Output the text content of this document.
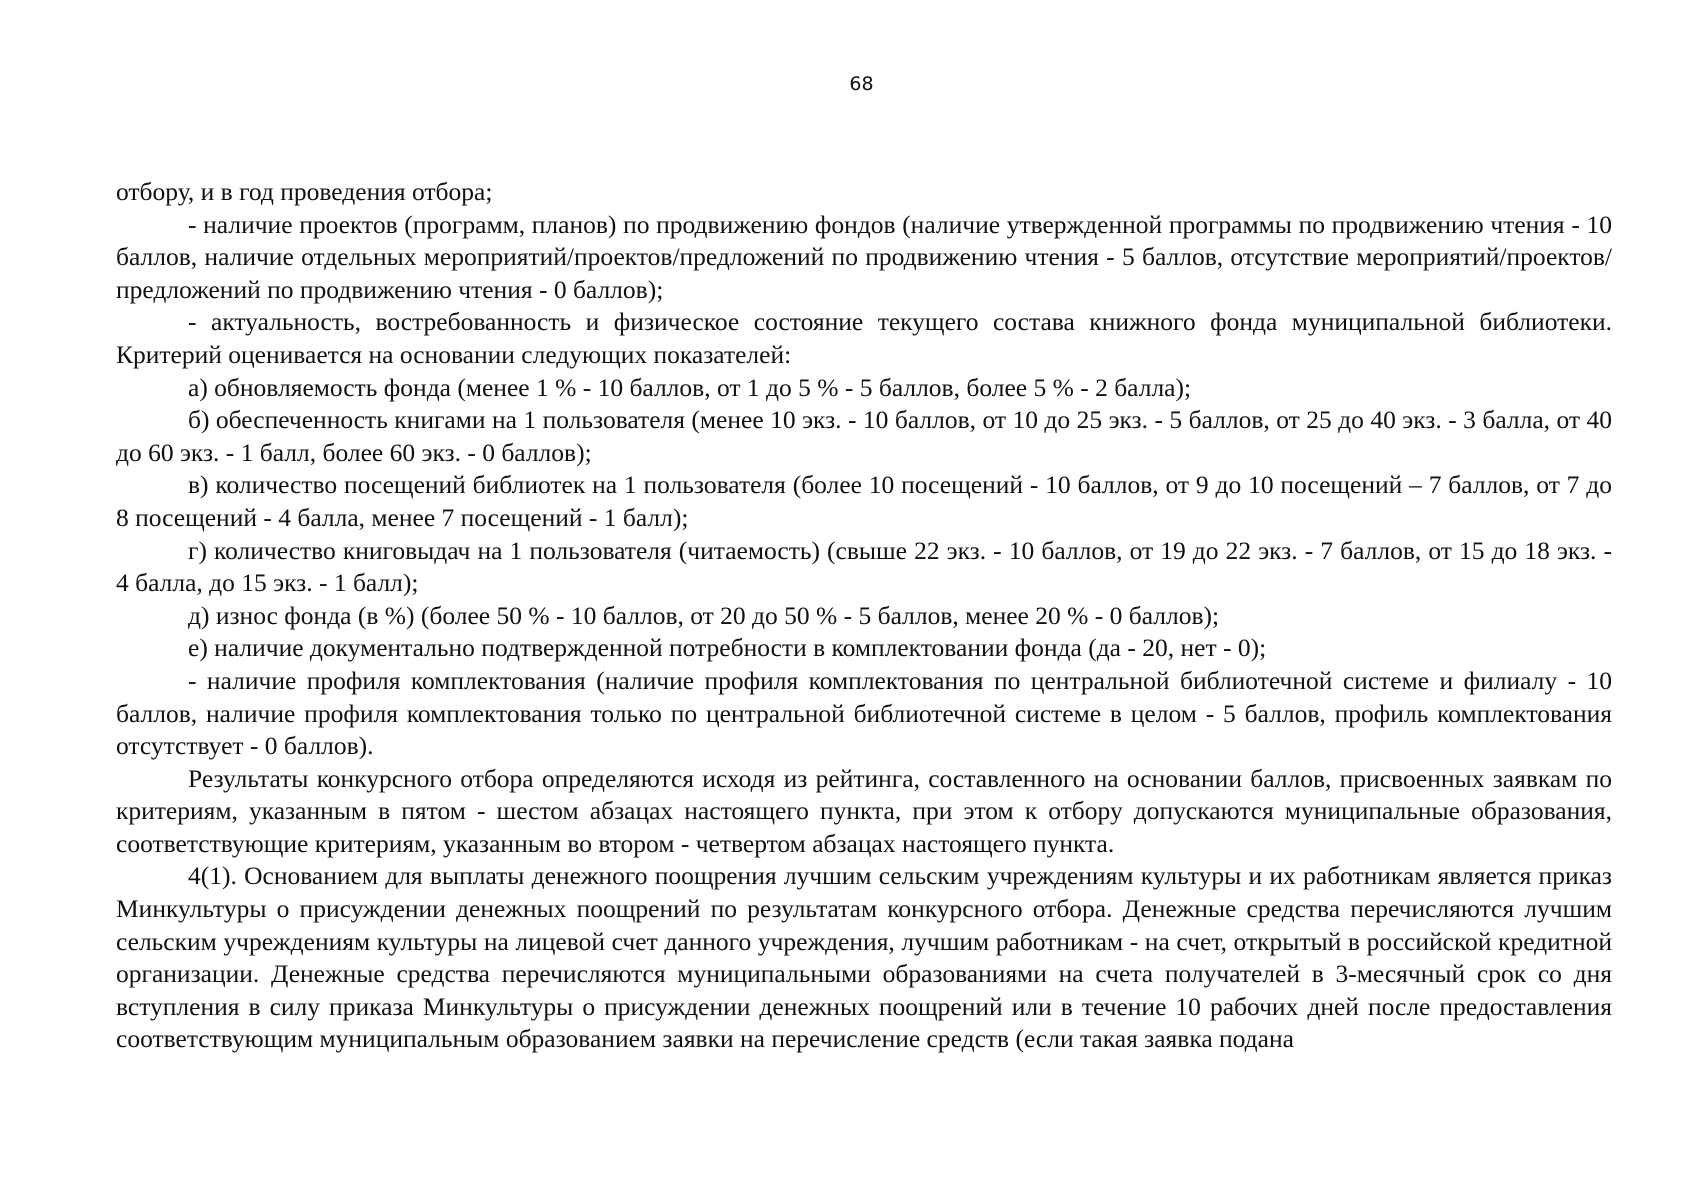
68

отбору, и в год проведения отбора;

- наличие проектов (программ, планов) по продвижению фондов (наличие утвержденной программы по продвижению чтения - 10 баллов, наличие отдельных мероприятий/проектов/предложений по продвижению чтения - 5 баллов, отсутствие мероприятий/проектов/предложений по продвижению чтения - 0 баллов);

- актуальность, востребованность и физическое состояние текущего состава книжного фонда муниципальной библиотеки. Критерий оценивается на основании следующих показателей:

а) обновляемость фонда (менее 1 % - 10 баллов, от 1 до 5 % - 5 баллов, более 5 % - 2 балла);

б) обеспеченность книгами на 1 пользователя (менее 10 экз. - 10 баллов, от 10 до 25 экз. - 5 баллов, от 25 до 40 экз. - 3 балла, от 40 до 60 экз. - 1 балл, более 60 экз. - 0 баллов);

в) количество посещений библиотек на 1 пользователя (более 10 посещений - 10 баллов, от 9 до 10 посещений – 7 баллов, от 7 до 8 посещений - 4 балла, менее 7 посещений - 1 балл);

г) количество книговыдач на 1 пользователя (читаемость) (свыше 22 экз. - 10 баллов, от 19 до 22 экз. - 7 баллов, от 15 до 18 экз. - 4 балла, до 15 экз. - 1 балл);

д) износ фонда (в %) (более 50 % - 10 баллов, от 20 до 50 % - 5 баллов, менее 20 % - 0 баллов);

е) наличие документально подтвержденной потребности в комплектовании фонда (да - 20, нет - 0);

- наличие профиля комплектования (наличие профиля комплектования по центральной библиотечной системе и филиалу - 10 баллов, наличие профиля комплектования только по центральной библиотечной системе в целом - 5 баллов, профиль комплектования отсутствует - 0 баллов).

Результаты конкурсного отбора определяются исходя из рейтинга, составленного на основании баллов, присвоенных заявкам по критериям, указанным в пятом - шестом абзацах настоящего пункта, при этом к отбору допускаются муниципальные образования, соответствующие критериям, указанным во втором - четвертом абзацах настоящего пункта.

4(1). Основанием для выплаты денежного поощрения лучшим сельским учреждениям культуры и их работникам является приказ Минкультуры о присуждении денежных поощрений по результатам конкурсного отбора. Денежные средства перечисляются лучшим сельским учреждениям культуры на лицевой счет данного учреждения, лучшим работникам - на счет, открытый в российской кредитной организации. Денежные средства перечисляются муниципальными образованиями на счета получателей в 3-месячный срок со дня вступления в силу приказа Минкультуры о присуждении денежных поощрений или в течение 10 рабочих дней после предоставления соответствующим муниципальным образованием заявки на перечисление средств (если такая заявка подана
